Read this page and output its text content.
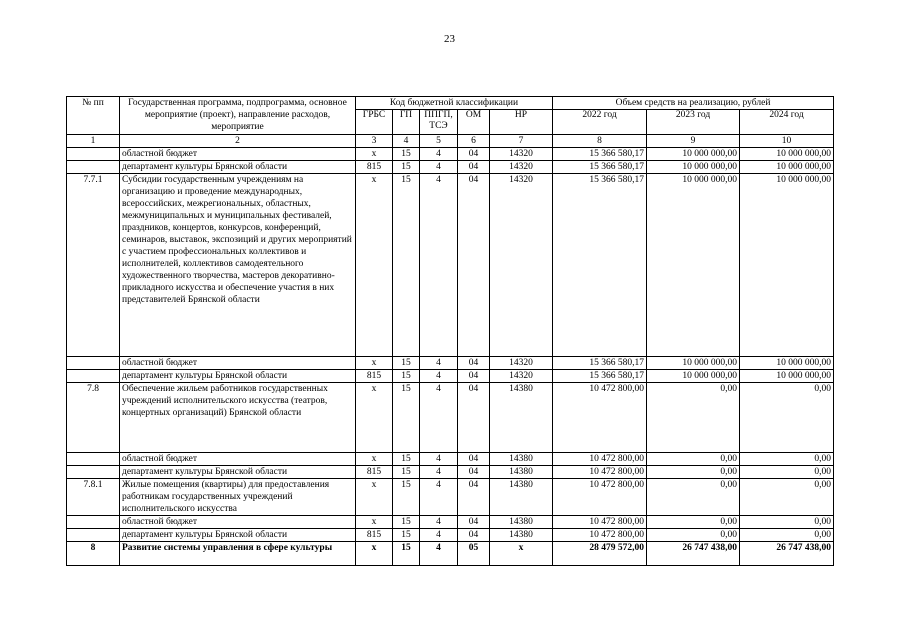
23
№ пп	Государственная программа, подпрограмма, основное мероприятие (проект), направление расходов, мероприятие	Код бюджетной классификации					Объем средств на реализацию, рублей		
		ГРБС	ГП	ППГП, ТСЭ	ОМ	НР	2022 год	2023 год	2024 год
1	2	3	4	5	6	7	8	9	10
	областной бюджет	х	15	4	04	14320	15 366 580,17	10 000 000,00	10 000 000,00
	департамент культуры Брянской области	815	15	4	04	14320	15 366 580,17	10 000 000,00	10 000 000,00
7.7.1	Субсидии государственным учреждениям на организацию и проведение международных, всероссийских, межрегиональных, областных, межмуниципальных и муниципальных фестивалей, праздников, концертов, конкурсов, конференций, семинаров, выставок, экспозиций и других мероприятий с участием профессиональных коллективов и исполнителей, коллективов самодеятельного художественного творчества, мастеров декоративно-прикладного искусства и обеспечение участия в них представителей Брянской области	х	15	4	04	14320	15 366 580,17	10 000 000,00	10 000 000,00
	областной бюджет	х	15	4	04	14320	15 366 580,17	10 000 000,00	10 000 000,00
	департамент культуры Брянской области	815	15	4	04	14320	15 366 580,17	10 000 000,00	10 000 000,00
7.8	Обеспечение жильем работников государственных учреждений исполнительского искусства (театров, концертных организаций) Брянской области	х	15	4	04	14380	10 472 800,00	0,00	0,00
	областной бюджет	х	15	4	04	14380	10 472 800,00	0,00	0,00
	департамент культуры Брянской области	815	15	4	04	14380	10 472 800,00	0,00	0,00
7.8.1	Жилые помещения (квартиры) для предоставления работникам государственных учреждений исполнительского искусства	х	15	4	04	14380	10 472 800,00	0,00	0,00
	областной бюджет	х	15	4	04	14380	10 472 800,00	0,00	0,00
	департамент культуры Брянской области	815	15	4	04	14380	10 472 800,00	0,00	0,00
8	Развитие системы управления в сфере культуры	х	15	4	05	х	28 479 572,00	26 747 438,00	26 747 438,00
